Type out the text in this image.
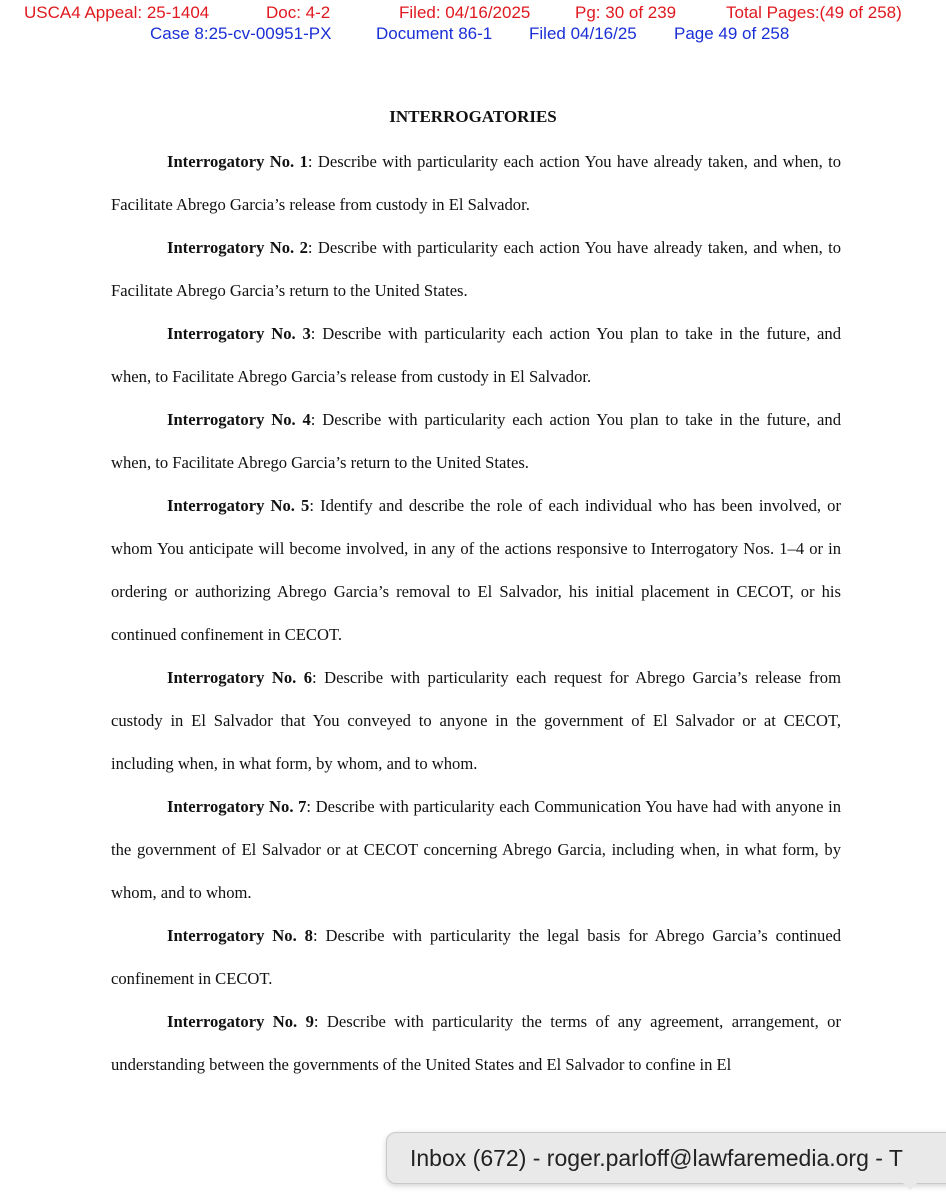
USCA4 Appeal: 25-1404	Doc: 4-2	Filed: 04/16/2025	Pg: 30 of 239	Total Pages:(49 of 258)
Case 8:25-cv-00951-PX	Document 86-1 Filed 04/16/25 Page 49 of 258
INTERROGATORIES

Interrogatory No. 1: Describe with particularity each action You have already taken, and when, to Facilitate Abrego Garcia’s release from custody in El Salvador.

Interrogatory No. 2: Describe with particularity each action You have already taken, and when, to Facilitate Abrego Garcia’s return to the United States.

Interrogatory No. 3: Describe with particularity each action You plan to take in the future, and when, to Facilitate Abrego Garcia’s release from custody in El Salvador.

Interrogatory No. 4: Describe with particularity each action You plan to take in the future, and when, to Facilitate Abrego Garcia’s return to the United States.

Interrogatory No. 5: Identify and describe the role of each individual who has been involved, or whom You anticipate will become involved, in any of the actions responsive to Interrogatory Nos. 1–4 or in ordering or authorizing Abrego Garcia’s removal to El Salvador, his initial placement in CECOT, or his continued confinement in CECOT.

Interrogatory No. 6: Describe with particularity each request for Abrego Garcia’s release from custody in El Salvador that You conveyed to anyone in the government of El Salvador or at CECOT, including when, in what form, by whom, and to whom.

Interrogatory No. 7: Describe with particularity each Communication You have had with anyone in the government of El Salvador or at CECOT concerning Abrego Garcia, including when, in what form, by whom, and to whom.

Interrogatory No. 8: Describe with particularity the legal basis for Abrego Garcia’s continued confinement in CECOT.

Interrogatory No. 9: Describe with particularity the terms of any agreement, arrangement, or understanding between the governments of the United States and El Salvador to confine in El

Inbox (672) - roger.parloff@lawfaremedia.org - T
